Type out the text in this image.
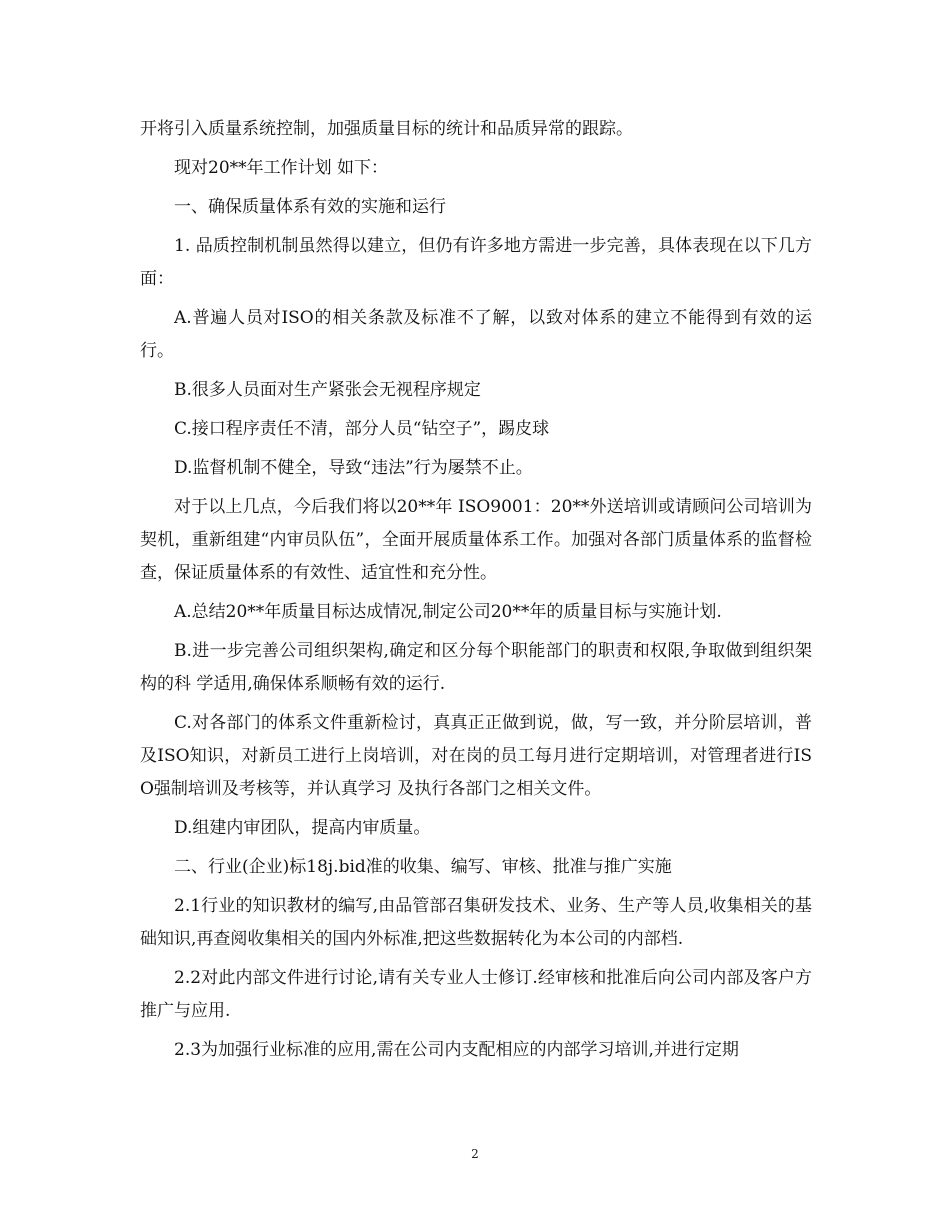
开将引入质量系统控制，加强质量目标的统计和品质异常的跟踪。

现对20**年工作计划 如下：

一、确保质量体系有效的实施和运行

1. 品质控制机制虽然得以建立，但仍有许多地方需进一步完善，具体表现在以下几方面：

A.普遍人员对ISO的相关条款及标准不了解，以致对体系的建立不能得到有效的运行。

B.很多人员面对生产紧张会无视程序规定

C.接口程序责任不清，部分人员“钻空子”，踢皮球

D.监督机制不健全，导致“违法”行为屡禁不止。

对于以上几点，今后我们将以20**年 ISO9001：20**外送培训或请顾问公司培训为契机，重新组建“内审员队伍”，全面开展质量体系工作。加强对各部门质量体系的监督检查，保证质量体系的有效性、适宜性和充分性。

A.总结20**年质量目标达成情况,制定公司20**年的质量目标与实施计划.

B.进一步完善公司组织架构,确定和区分每个职能部门的职责和权限,争取做到组织架构的科 学适用,确保体系顺畅有效的运行.

C.对各部门的体系文件重新检讨，真真正正做到说，做，写一致，并分阶层培训，普及ISO知识，对新员工进行上岗培训，对在岗的员工每月进行定期培训，对管理者进行ISO强制培训及考核等，并认真学习 及执行各部门之相关文件。

D.组建内审团队，提高内审质量。

二、行业(企业)标18j.bid准的收集、编写、审核、批准与推广实施

2.1行业的知识教材的编写,由品管部召集研发技术、业务、生产等人员,收集相关的基础知识,再查阅收集相关的国内外标准,把这些数据转化为本公司的内部档.

2.2对此内部文件进行讨论,请有关专业人士修订.经审核和批准后向公司内部及客户方推广与应用.

2.3为加强行业标准的应用,需在公司内支配相应的内部学习培训,并进行定期

2
